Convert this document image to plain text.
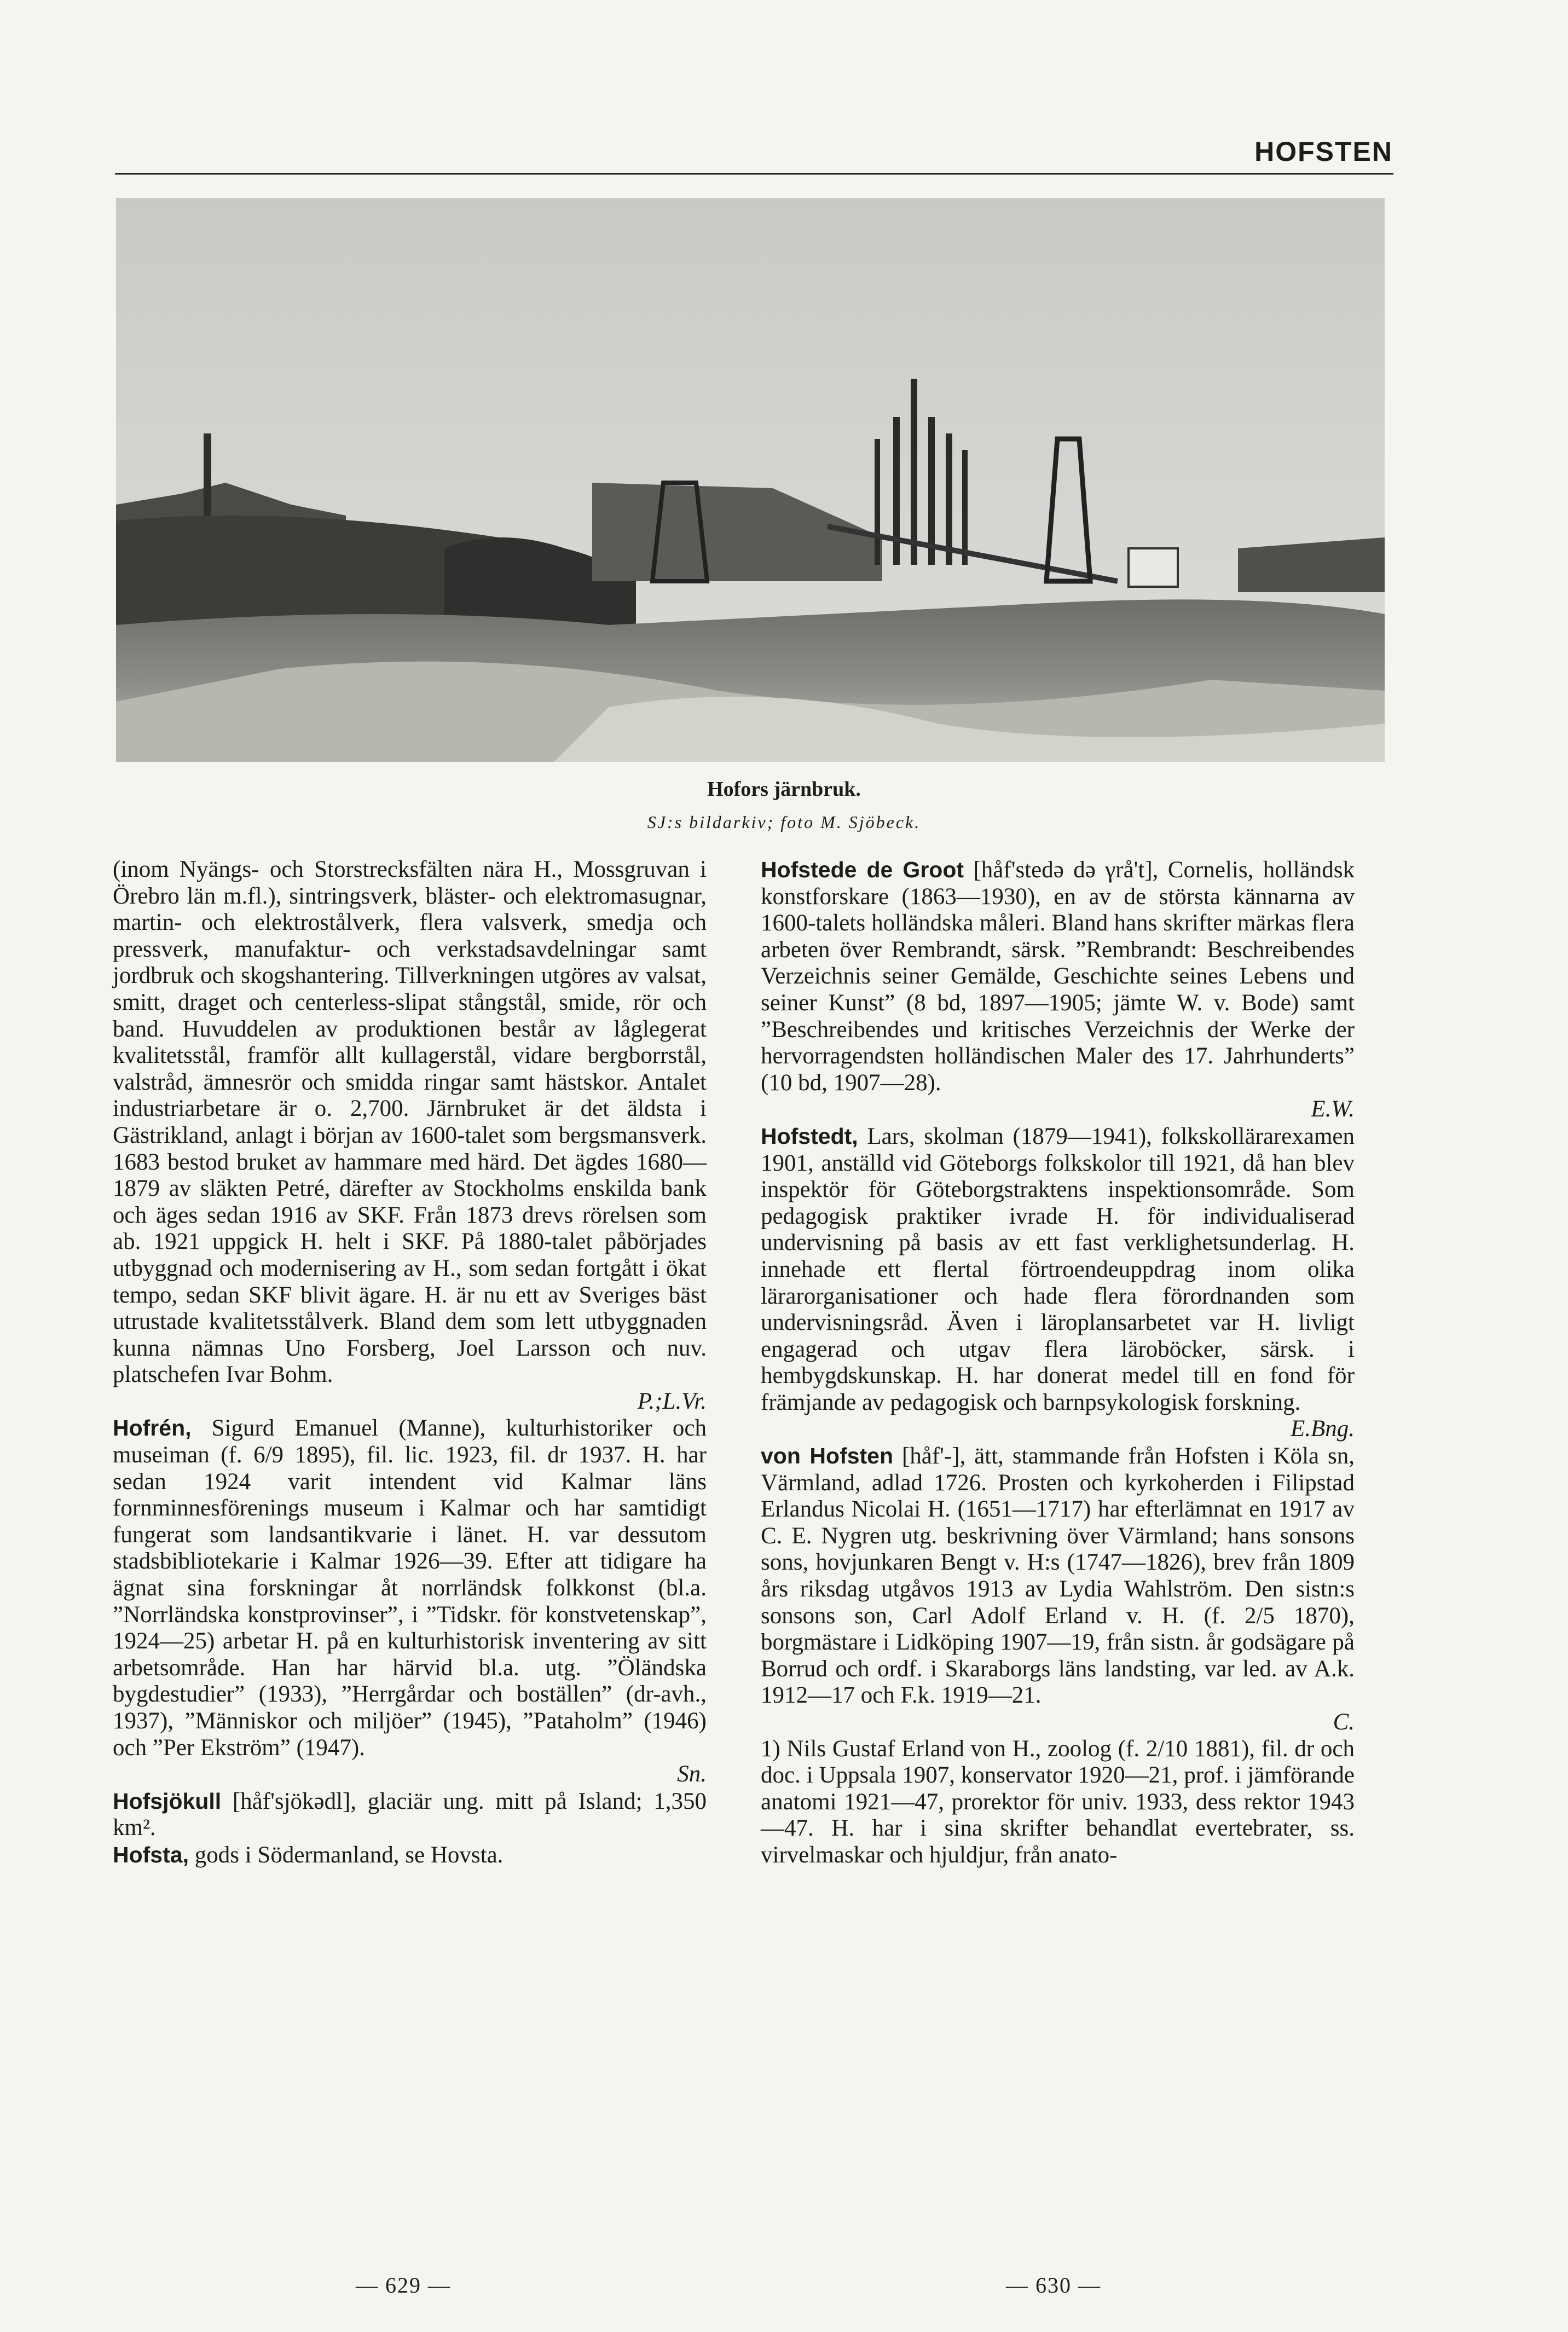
HOFSTEN
Hofors järnbruk.
SJ:s bildarkiv; foto M. Sjöbeck.

(inom Nyängs- och Storstrecksfälten nära H., Mossgruvan i Örebro län m.fl.), sintringsverk, bläster- och elektromasugnar, martin- och elektrostålverk, flera valsverk, smedja och pressverk, manufaktur- och verkstadsavdelningar samt jordbruk och skogshantering. Tillverkningen utgöres av valsat, smitt, draget och centerless-slipat stångstål, smide, rör och band. Huvuddelen av produktionen består av låglegerat kvalitetsstål, framför allt kullagerstål, vidare bergborrstål, valstråd, ämnesrör och smidda ringar samt hästskor. Antalet industriarbetare är o. 2,700. Järnbruket är det äldsta i Gästrikland, anlagt i början av 1600-talet som bergsmansverk. 1683 bestod bruket av hammare med härd. Det ägdes 1680—1879 av släkten Petré, därefter av Stockholms enskilda bank och äges sedan 1916 av SKF. Från 1873 drevs rörelsen som ab. 1921 uppgick H. helt i SKF. På 1880-talet påbörjades utbyggnad och modernisering av H., som sedan fortgått i ökat tempo, sedan SKF blivit ägare. H. är nu ett av Sveriges bäst utrustade kvalitetsstålverk. Bland dem som lett utbyggnaden kunna nämnas Uno Forsberg, Joel Larsson och nuv. platschefen Ivar Bohm.
P.;L.Vr.

Hofrén, Sigurd Emanuel (Manne), kulturhistoriker och museiman (f. 6/9 1895), fil. lic. 1923, fil. dr 1937. H. har sedan 1924 varit intendent vid Kalmar läns fornminnesförenings museum i Kalmar och har samtidigt fungerat som landsantikvarie i länet. H. var dessutom stadsbibliotekarie i Kalmar 1926—39. Efter att tidigare ha ägnat sina forskningar åt norrländsk folkkonst (bl.a. ”Norrländska konstprovinser”, i ”Tidskr. för konstvetenskap”, 1924—25) arbetar H. på en kulturhistorisk inventering av sitt arbetsområde. Han har härvid bl.a. utg. ”Öländska bygdestudier” (1933), ”Herrgårdar och boställen” (dr-avh., 1937), ”Människor och miljöer” (1945), ”Pataholm” (1946) och ”Per Ekström” (1947).
Sn.

Hofsjökull [håf'sjökədl], glaciär ung. mitt på Island; 1,350 km².

Hofsta, gods i Södermanland, se Hovsta.

Hofstede de Groot [håf'stedə də γrå't], Cornelis, holländsk konstforskare (1863—1930), en av de största kännarna av 1600-talets holländska måleri. Bland hans skrifter märkas flera arbeten över Rembrandt, särsk. ”Rembrandt: Beschreibendes Verzeichnis seiner Gemälde, Geschichte seines Lebens und seiner Kunst” (8 bd, 1897—1905; jämte W. v. Bode) samt ”Beschreibendes und kritisches Verzeichnis der Werke der hervorragendsten holländischen Maler des 17. Jahrhunderts” (10 bd, 1907—28).
E.W.

Hofstedt, Lars, skolman (1879—1941), folkskollärarexamen 1901, anställd vid Göteborgs folkskolor till 1921, då han blev inspektör för Göteborgstraktens inspektionsområde. Som pedagogisk praktiker ivrade H. för individualiserad undervisning på basis av ett fast verklighetsunderlag. H. innehade ett flertal förtroendeuppdrag inom olika lärarorganisationer och hade flera förordnanden som undervisningsråd. Även i läroplansarbetet var H. livligt engagerad och utgav flera läroböcker, särsk. i hembygdskunskap. H. har donerat medel till en fond för främjande av pedagogisk och barnpsykologisk forskning.
E.Bng.

von Hofsten [håf'-], ätt, stammande från Hofsten i Köla sn, Värmland, adlad 1726. Prosten och kyrkoherden i Filipstad Erlandus Nicolai H. (1651—1717) har efterlämnat en 1917 av C. E. Nygren utg. beskrivning över Värmland; hans sonsons sons, hovjunkaren Bengt v. H:s (1747—1826), brev från 1809 års riksdag utgåvos 1913 av Lydia Wahlström. Den sistn:s sonsons son, Carl Adolf Erland v. H. (f. 2/5 1870), borgmästare i Lidköping 1907—19, från sistn. år godsägare på Borrud och ordf. i Skaraborgs läns landsting, var led. av A.k. 1912—17 och F.k. 1919—21.
C.

1) Nils Gustaf Erland von H., zoolog (f. 2/10 1881), fil. dr och doc. i Uppsala 1907, konservator 1920—21, prof. i jämförande anatomi 1921—47, prorektor för univ. 1933, dess rektor 1943—47. H. har i sina skrifter behandlat evertebrater, ss. virvelmaskar och hjuldjur, från anato-

— 629 —	— 630 —
